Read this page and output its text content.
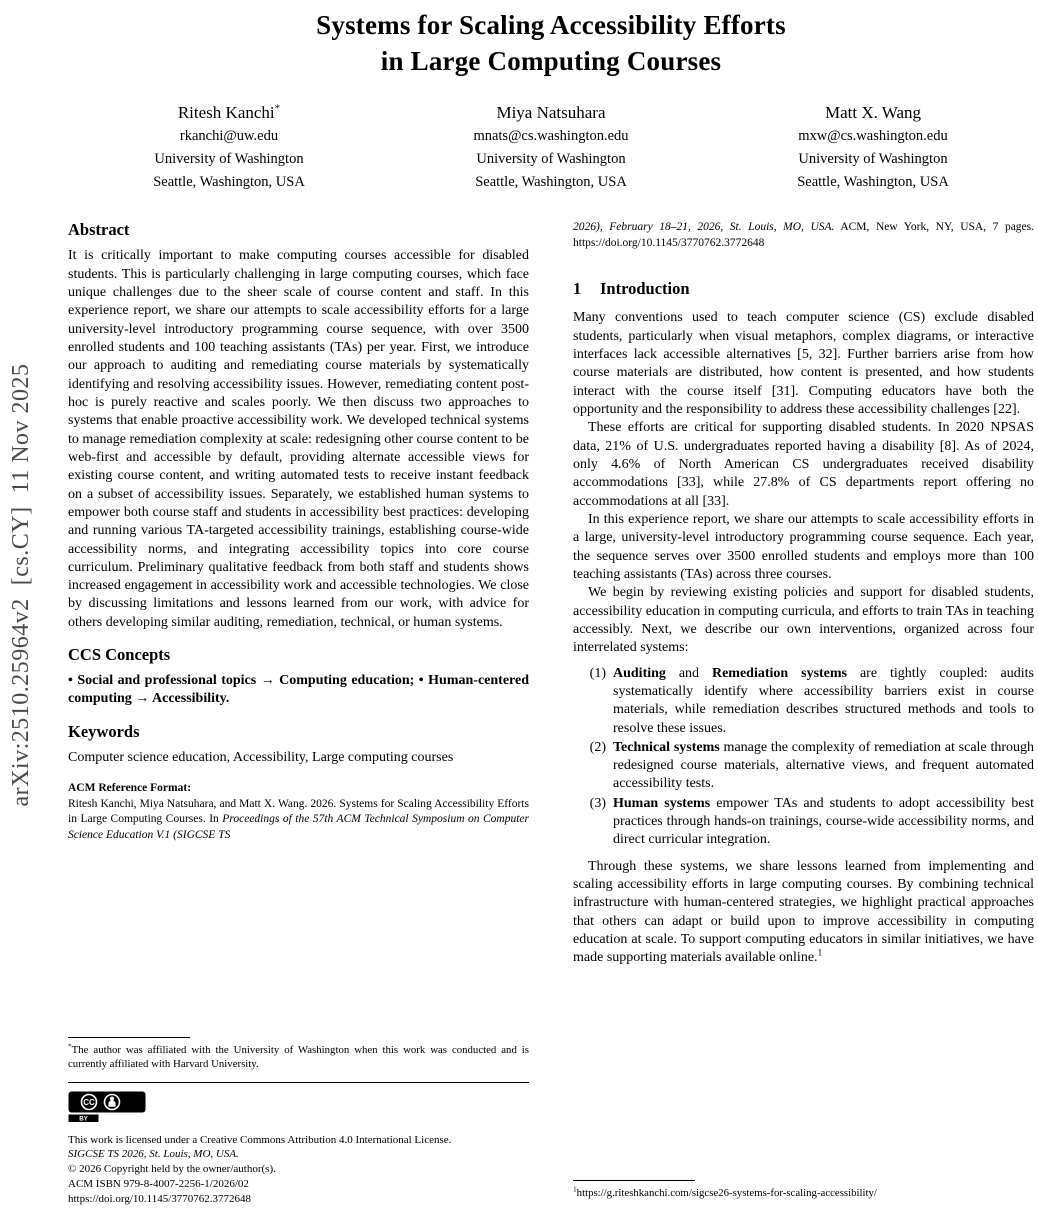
arXiv:2510.25964v2  [cs.CY]  11 Nov 2025
Systems for Scaling Accessibility Efforts
in Large Computing Courses
Ritesh Kanchi*
rkanchi@uw.edu
University of Washington
Seattle, Washington, USA
Miya Natsuhara
mnats@cs.washington.edu
University of Washington
Seattle, Washington, USA
Matt X. Wang
mxw@cs.washington.edu
University of Washington
Seattle, Washington, USA
Abstract

It is critically important to make computing courses accessible for disabled students. This is particularly challenging in large computing courses, which face unique challenges due to the sheer scale of course content and staff. In this experience report, we share our attempts to scale accessibility efforts for a large university-level introductory programming course sequence, with over 3500 enrolled students and 100 teaching assistants (TAs) per year. First, we introduce our approach to auditing and remediating course materials by systematically identifying and resolving accessibility issues. However, remediating content post-hoc is purely reactive and scales poorly. We then discuss two approaches to systems that enable proactive accessibility work. We developed technical systems to manage remediation complexity at scale: redesigning other course content to be web-first and accessible by default, providing alternate accessible views for existing course content, and writing automated tests to receive instant feedback on a subset of accessibility issues. Separately, we established human systems to empower both course staff and students in accessibility best practices: developing and running various TA-targeted accessibility trainings, establishing course-wide accessibility norms, and integrating accessibility topics into core course curriculum. Preliminary qualitative feedback from both staff and students shows increased engagement in accessibility work and accessible technologies. We close by discussing limitations and lessons learned from our work, with advice for others developing similar auditing, remediation, technical, or human systems.

CCS Concepts

• Social and professional topics → Computing education; • Human-centered computing → Accessibility.

Keywords

Computer science education, Accessibility, Large computing courses

ACM Reference Format:

Ritesh Kanchi, Miya Natsuhara, and Matt X. Wang. 2026. Systems for Scaling Accessibility Efforts in Large Computing Courses. In Proceedings of the 57th ACM Technical Symposium on Computer Science Education V.1 (SIGCSE TS

*The author was affiliated with the University of Washington when this work was conducted and is currently affiliated with Harvard University.

CC
BY

This work is licensed under a Creative Commons Attribution 4.0 International License.

SIGCSE TS 2026, St. Louis, MO, USA.

© 2026 Copyright held by the owner/author(s).

ACM ISBN 979-8-4007-2256-1/2026/02

https://doi.org/10.1145/3770762.3772648

2026), February 18–21, 2026, St. Louis, MO, USA. ACM, New York, NY, USA, 7 pages. https://doi.org/10.1145/3770762.3772648

1 Introduction

Many conventions used to teach computer science (CS) exclude disabled students, particularly when visual metaphors, complex diagrams, or interactive interfaces lack accessible alternatives [5, 32]. Further barriers arise from how course materials are distributed, how content is presented, and how students interact with the course itself [31]. Computing educators have both the opportunity and the responsibility to address these accessibility challenges [22].

These efforts are critical for supporting disabled students. In 2020 NPSAS data, 21% of U.S. undergraduates reported having a disability [8]. As of 2024, only 4.6% of North American CS undergraduates received disability accommodations [33], while 27.8% of CS departments report offering no accommodations at all [33].

In this experience report, we share our attempts to scale accessibility efforts in a large, university-level introductory programming course sequence. Each year, the sequence serves over 3500 enrolled students and employs more than 100 teaching assistants (TAs) across three courses.

We begin by reviewing existing policies and support for disabled students, accessibility education in computing curricula, and efforts to train TAs in teaching accessibly. Next, we describe our own interventions, organized across four interrelated systems:

(1) Auditing and Remediation systems are tightly coupled: audits systematically identify where accessibility barriers exist in course materials, while remediation describes structured methods and tools to resolve these issues.
(2) Technical systems manage the complexity of remediation at scale through redesigned course materials, alternative views, and frequent automated accessibility tests.
(3) Human systems empower TAs and students to adopt accessibility best practices through hands-on trainings, course-wide accessibility norms, and direct curricular integration.

Through these systems, we share lessons learned from implementing and scaling accessibility efforts in large computing courses. By combining technical infrastructure with human-centered strategies, we highlight practical approaches that others can adapt or build upon to improve accessibility in computing education at scale. To support computing educators in similar initiatives, we have made supporting materials available online.$^1$

$^1$https://g.riteshkanchi.com/sigcse26-systems-for-scaling-accessibility/
